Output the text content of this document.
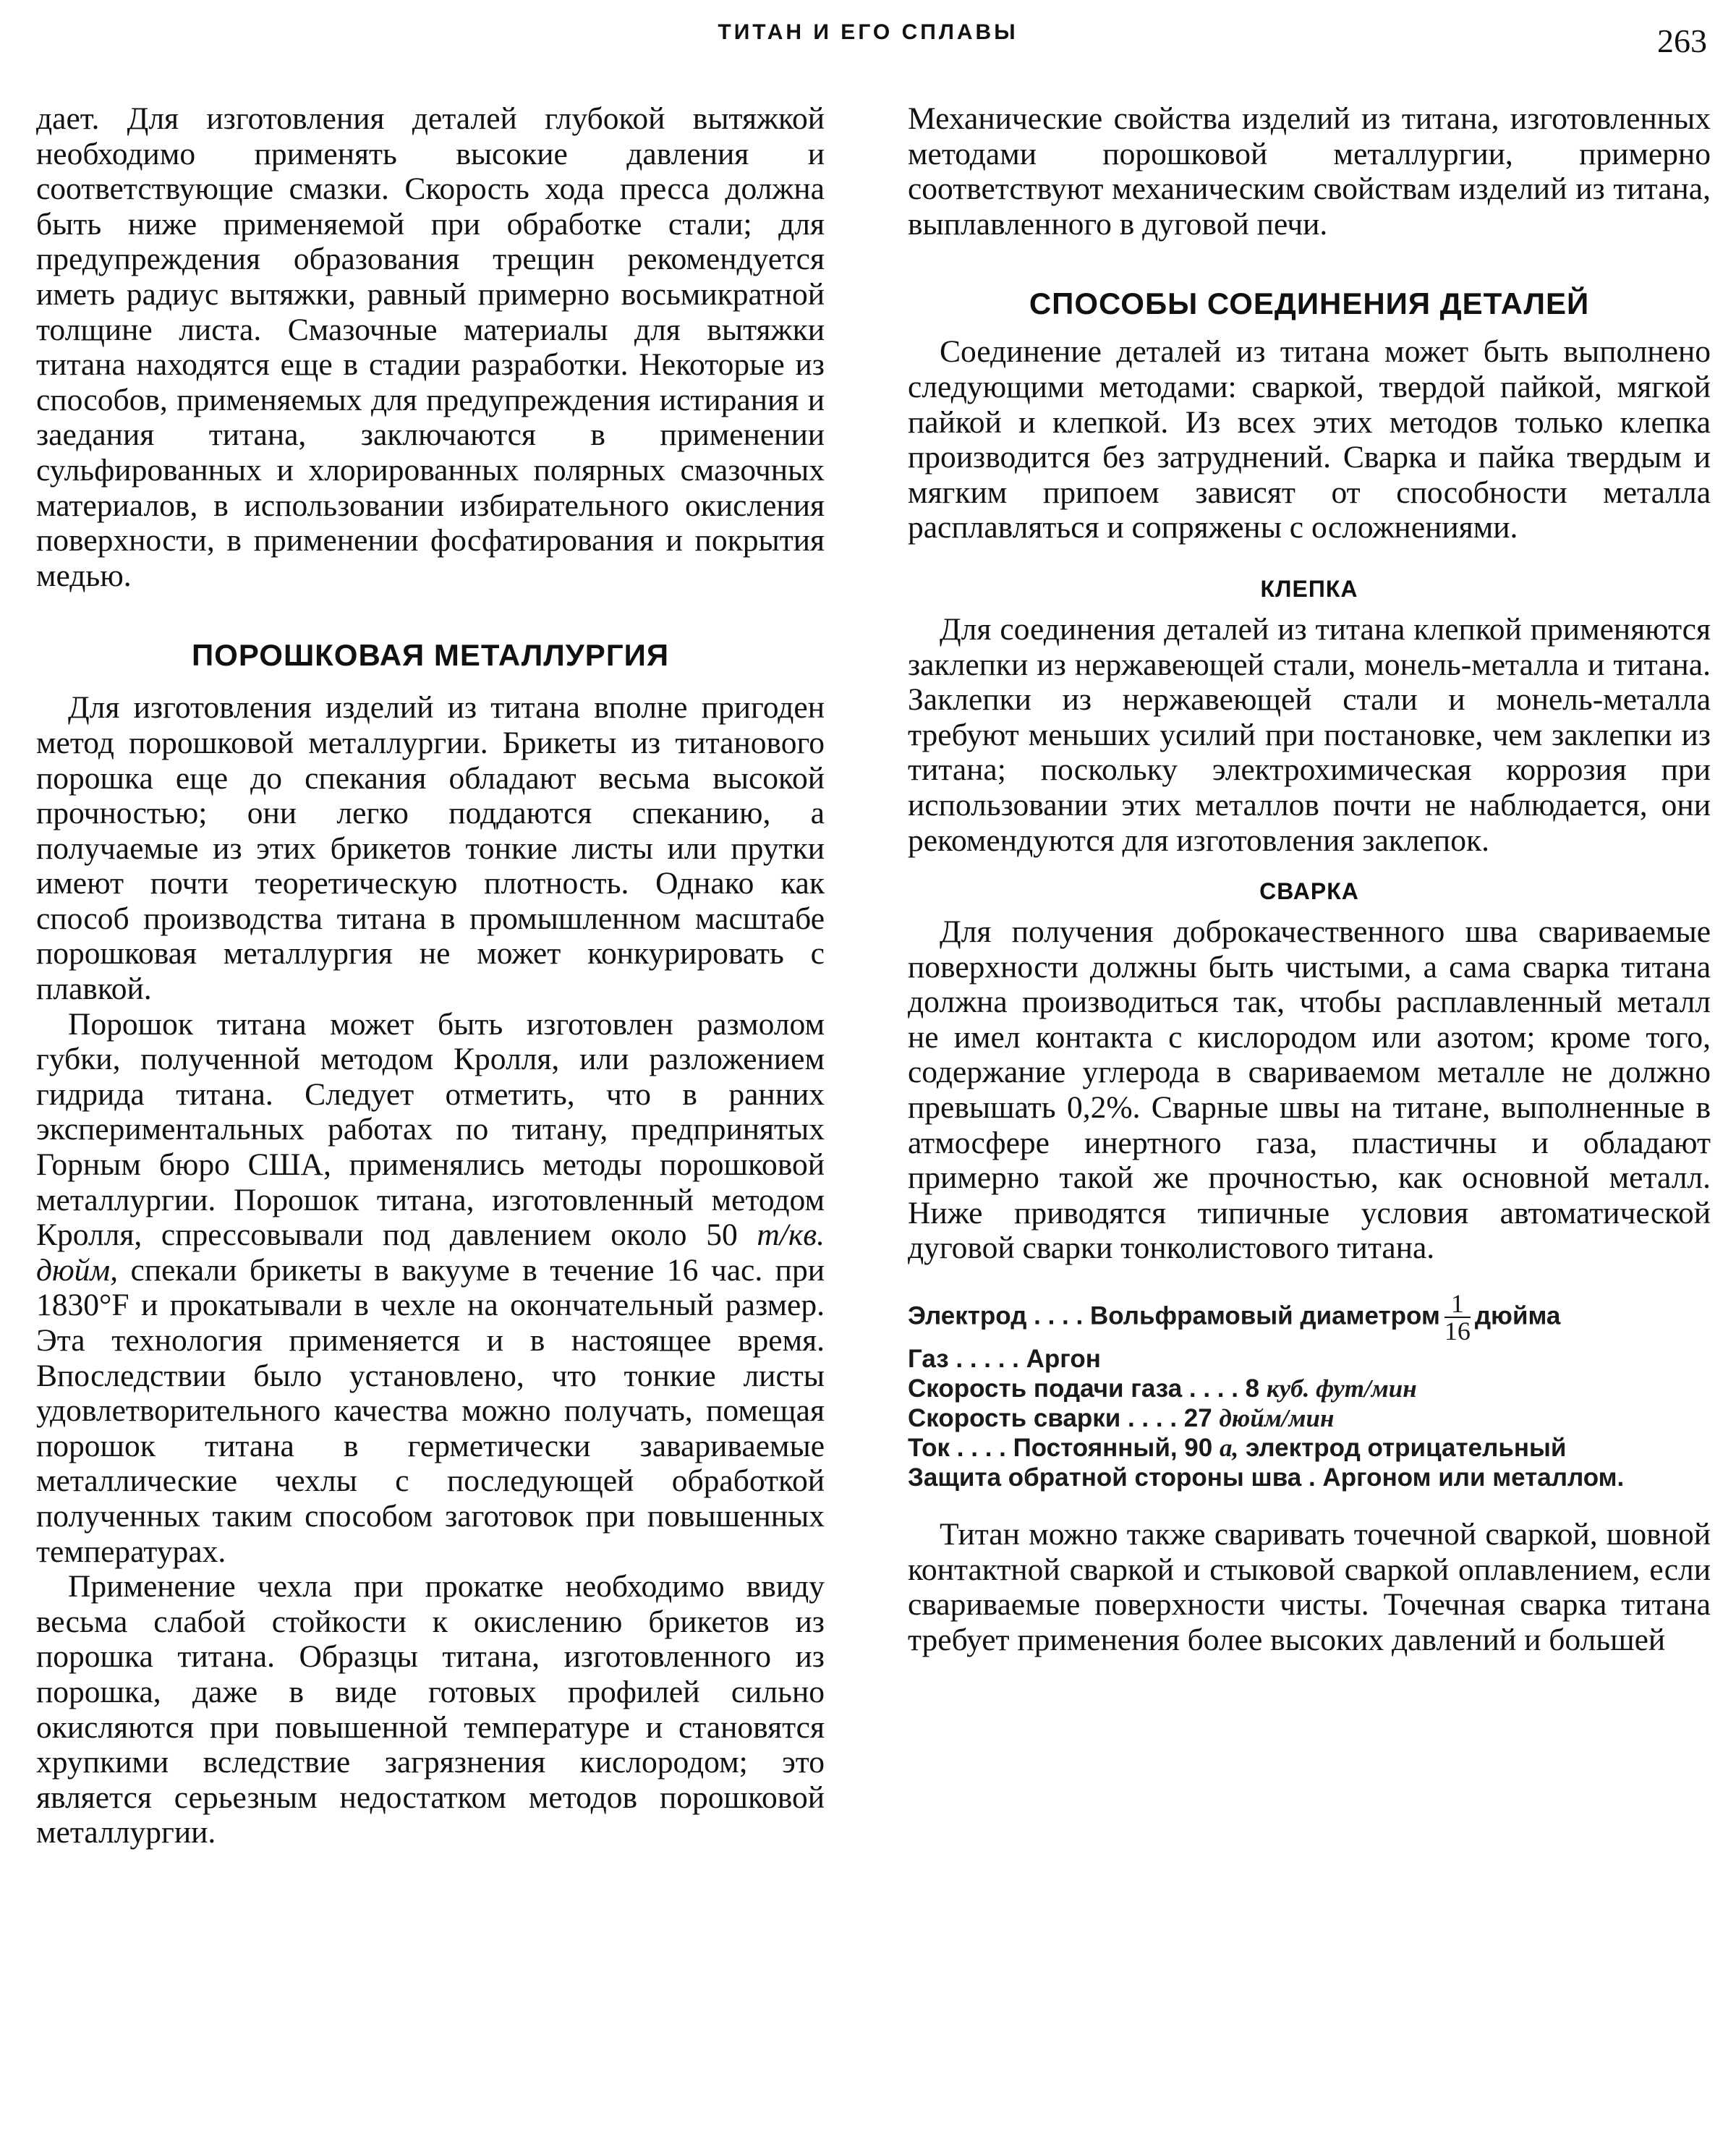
ТИТАН И ЕГО СПЛАВЫ	263

дает. Для изготовления деталей глубокой вытяжкой необходимо применять высокие давления и соответствующие смазки. Скорость хода пресса должна быть ниже применяемой при обработке стали; для предупреждения образования трещин рекомендуется иметь радиус вытяжки, равный примерно восьмикратной толщине листа. Смазочные материалы для вытяжки титана находятся еще в стадии разработки. Некоторые из способов, применяемых для предупреждения истирания и заедания титана, заключаются в применении сульфированных и хлорированных полярных смазочных материалов, в использовании избирательного окисления поверхности, в применении фосфатирования и покрытия медью.

ПОРОШКОВАЯ МЕТАЛЛУРГИЯ

Для изготовления изделий из титана вполне пригоден метод порошковой металлургии. Брикеты из титанового порошка еще до спекания обладают весьма высокой прочностью; они легко поддаются спеканию, а получаемые из этих брикетов тонкие листы или прутки имеют почти теоретическую плотность. Однако как способ производства титана в промышленном масштабе порошковая металлургия не может конкурировать с плавкой.

Порошок титана может быть изготовлен размолом губки, полученной методом Кролля, или разложением гидрида титана. Следует отметить, что в ранних экспериментальных работах по титану, предпринятых Горным бюро США, применялись методы порошковой металлургии. Порошок титана, изготовленный методом Кролля, спрессовывали под давлением около 50 т/кв. дюйм, спекали брикеты в вакууме в течение 16 час. при 1830°F и прокатывали в чехле на окончательный размер. Эта технология применяется и в настоящее время. Впоследствии было установлено, что тонкие листы удовлетворительного качества можно получать, помещая порошок титана в герметически завариваемые металлические чехлы с последующей обработкой полученных таким способом заготовок при повышенных температурах.

Применение чехла при прокатке необходимо ввиду весьма слабой стойкости к окислению брикетов из порошка титана. Образцы титана, изготовленного из порошка, даже в виде готовых профилей сильно окисляются при повышенной температуре и становятся хрупкими вследствие загрязнения кислородом; это является серьезным недостатком методов порошковой металлургии.

Механические свойства изделий из титана, изготовленных методами порошковой металлургии, примерно соответствуют механическим свойствам изделий из титана, выплавленного в дуговой печи.

СПОСОБЫ СОЕДИНЕНИЯ ДЕТАЛЕЙ

Соединение деталей из титана может быть выполнено следующими методами: сваркой, твердой пайкой, мягкой пайкой и клепкой. Из всех этих методов только клепка производится без затруднений. Сварка и пайка твердым и мягким припоем зависят от способности металла расплавляться и сопряжены с осложнениями.

КЛЕПКА

Для соединения деталей из титана клепкой применяются заклепки из нержавеющей стали, монель-металла и титана. Заклепки из нержавеющей стали и монель-металла требуют меньших усилий при постановке, чем заклепки из титана; поскольку электрохимическая коррозия при использовании этих металлов почти не наблюдается, они рекомендуются для изготовления заклепок.

СВАРКА

Для получения доброкачественного шва свариваемые поверхности должны быть чистыми, а сама сварка титана должна производиться так, чтобы расплавленный металл не имел контакта с кислородом или азотом; кроме того, содержание углерода в свариваемом металле не должно превышать 0,2%. Сварные швы на титане, выполненные в атмосфере инертного газа, пластичны и обладают примерно такой же прочностью, как основной металл. Ниже приводятся типичные условия автоматической дуговой сварки тонколистового титана.

Электрод . . . . Вольфрамовый диаметром $\frac{1}{16}$ дюйма
Газ . . . . . Аргон
Скорость подачи газа . . . . 8 куб. фут/мин
Скорость сварки . . . . 27 дюйм/мин
Ток . . . . Постоянный, 90 а, электрод отрицательный
Защита обратной стороны шва . Аргоном или металлом.

Титан можно также сваривать точечной сваркой, шовной контактной сваркой и стыковой сваркой оплавлением, если свариваемые поверхности чисты. Точечная сварка титана требует применения более высоких давлений и большей
